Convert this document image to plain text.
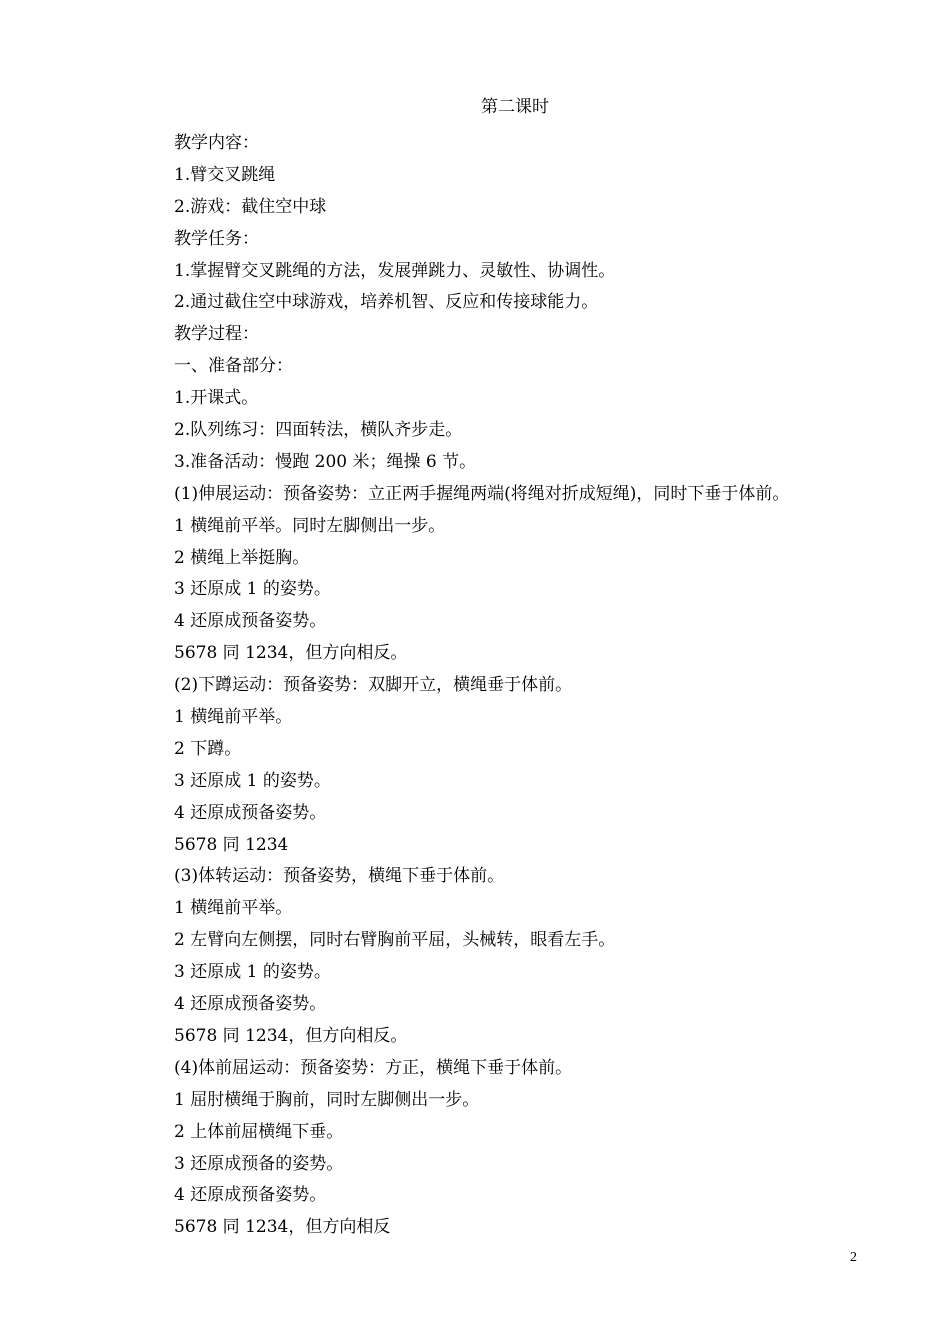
第二课时
教学内容：
1.臂交叉跳绳
2.游戏：截住空中球
教学任务：
1.掌握臂交叉跳绳的方法，发展弹跳力、灵敏性、协调性。
2.通过截住空中球游戏，培养机智、反应和传接球能力。
教学过程：
一、准备部分：
1.开课式。
2.队列练习：四面转法，横队齐步走。
3.准备活动：慢跑 200 米；绳操 6 节。
(1)伸展运动：预备姿势：立正两手握绳两端(将绳对折成短绳)，同时下垂于体前。
1 横绳前平举。同时左脚侧出一步。
2 横绳上举挺胸。
3 还原成 1 的姿势。
4 还原成预备姿势。
5678 同 1234，但方向相反。
(2)下蹲运动：预备姿势：双脚开立，横绳垂于体前。
1 横绳前平举。
2 下蹲。
3 还原成 1 的姿势。
4 还原成预备姿势。
5678 同 1234
(3)体转运动：预备姿势，横绳下垂于体前。
1 横绳前平举。
2 左臂向左侧摆，同时右臂胸前平屈，头械转，眼看左手。
3 还原成 1 的姿势。
4 还原成预备姿势。
5678 同 1234，但方向相反。
(4)体前屈运动：预备姿势：方正，横绳下垂于体前。
1 屈肘横绳于胸前，同时左脚侧出一步。
2 上体前屈横绳下垂。
3 还原成预备的姿势。
4 还原成预备姿势。
5678 同 1234，但方向相反
2
